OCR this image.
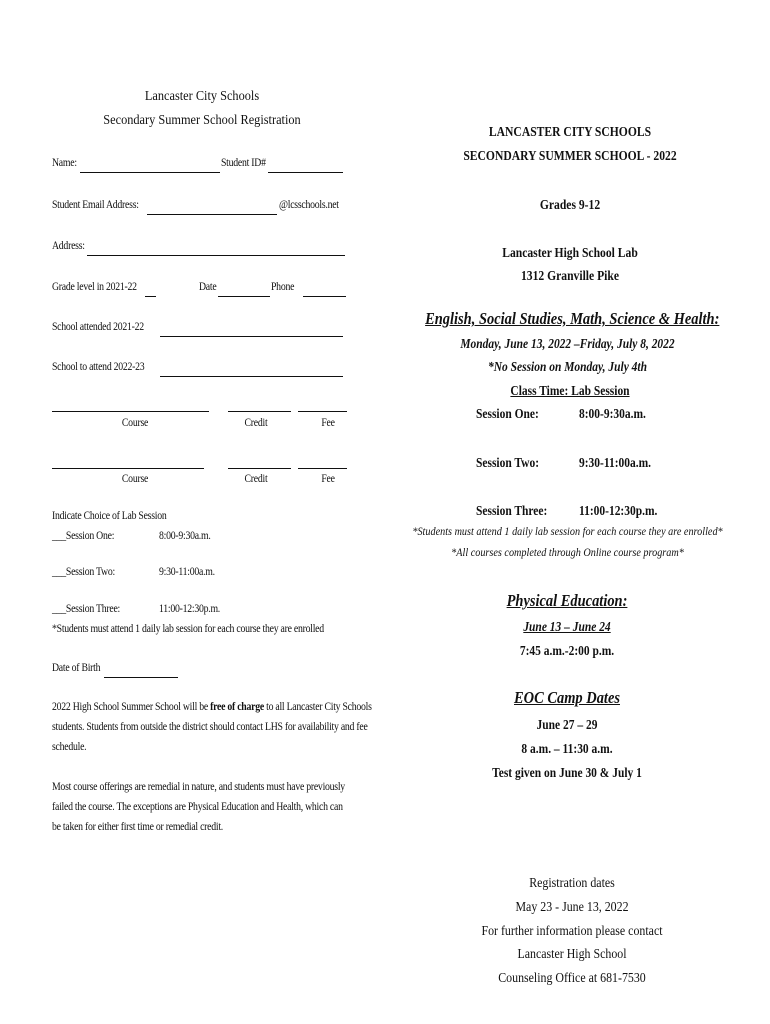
Lancaster City Schools
Secondary Summer School Registration
Name:	Student ID#
Student Email Address:	@lcsschools.net
Address:
Grade level in 2021-22	Date	Phone
School attended 2021-22
School to attend 2022-23
Course	Credit	Fee
Course	Credit	Fee
Indicate Choice of Lab Session
___Session One:	8:00-9:30a.m.
___Session Two:	9:30-11:00a.m.
___Session Three:	11:00-12:30p.m.
*Students must attend 1 daily lab session for each course they are enrolled
Date of Birth
2022 High School Summer School will be free of charge to all Lancaster City Schools students. Students from outside the district should contact LHS for availability and fee schedule.
Most course offerings are remedial in nature, and students must have previously failed the course. The exceptions are Physical Education and Health, which can be taken for either first time or remedial credit.
LANCASTER CITY SCHOOLS
SECONDARY SUMMER SCHOOL - 2022
Grades 9-12
Lancaster High School Lab
1312 Granville Pike
English, Social Studies, Math, Science & Health:
Monday, June 13, 2022 –Friday, July 8, 2022
*No Session on Monday, July 4th
Class Time: Lab Session
Session One:	8:00-9:30a.m.
Session Two:	9:30-11:00a.m.
Session Three: 11:00-12:30p.m.
*Students must attend 1 daily lab session for each course they are enrolled*
*All courses completed through Online course program*
Physical Education:
June 13 – June 24
7:45 a.m.-2:00 p.m.
EOC Camp Dates
June 27 – 29
8 a.m. – 11:30 a.m.
Test given on June 30 & July 1
Registration dates
May 23 - June 13, 2022
For further information please contact
Lancaster High School
Counseling Office at 681-7530
